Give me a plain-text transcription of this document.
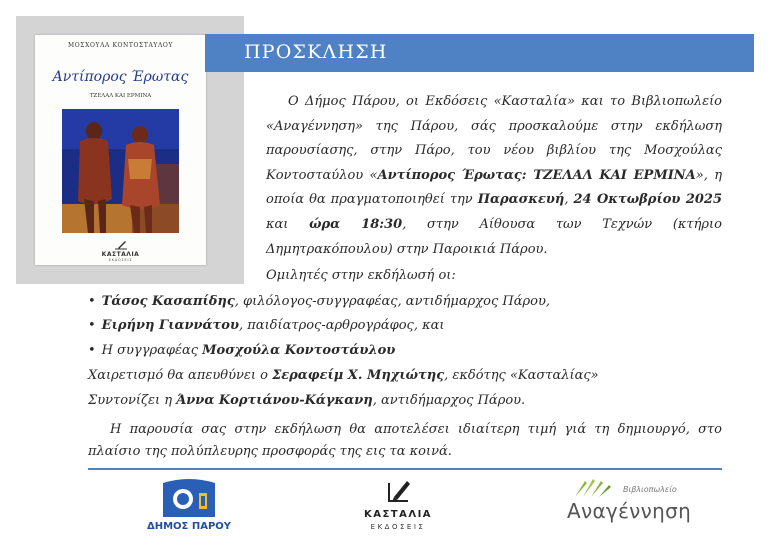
ΜΟΣΧΟΥΛΑ ΚΟΝΤΟΣΤΑΥΛΟΥ
Αντίπορος Έρωτας
ΤΖΕΛΑΛ ΚΑΙ ΕΡΜΙΝΑ
ΚΑΣΤΑΛΙΑ
ΕΚΔΟΣΕΙΣ
ΠΡΟΣΚΛΗΣΗ
Ο Δήμος Πάρου, οι Εκδόσεις «Κασταλία» και το Βιβλιοπωλείο «Αναγέννηση» της Πάρου, σάς προσκαλούμε στην εκδήλωση παρουσίασης, στην Πάρο, του νέου βιβλίου της Μοσχούλας Κοντοσταύλου «Αντίπορος Έρωτας: ΤΖΕΛΑΛ ΚΑΙ ΕΡΜΙΝΑ», η οποία θα πραγματοποιηθεί την Παρασκευή, 24 Οκτωβρίου 2025 και ώρα 18:30, στην Αίθουσα των Τεχνών (κτήριο Δημητρακόπουλου) στην Παροικιά Πάρου.
Ομιλητές στην εκδήλωσή οι:
• Τάσος Κασαπίδης, φιλόλογος-συγγραφέας, αντιδήμαρχος Πάρου,
• Ειρήνη Γιαννάτου, παιδίατρος-αρθρογράφος, και
• Η συγγραφέας Μοσχούλα Κοντοστάυλου
Χαιρετισμό θα απευθύνει ο Σεραφείμ Χ. Μηχιώτης, εκδότης «Κασταλίας»
Συντονίζει η Άννα Κορτιάνου-Κάγκανη, αντιδήμαρχος Πάρου.
Η παρουσία σας στην εκδήλωση θα αποτελέσει ιδιαίτερη τιμή γιά τη δημιουργό, στο πλαίσιο της πολύπλευρης προσφοράς της εις τα κοινά.
ΔΗΜΟΣ ΠΑΡΟΥ
ΚΑΣΤΑΛΙΑ
ΕΚΔΟΣΕΙΣ
Βιβλιοπωλείο
Αναγέννηση
